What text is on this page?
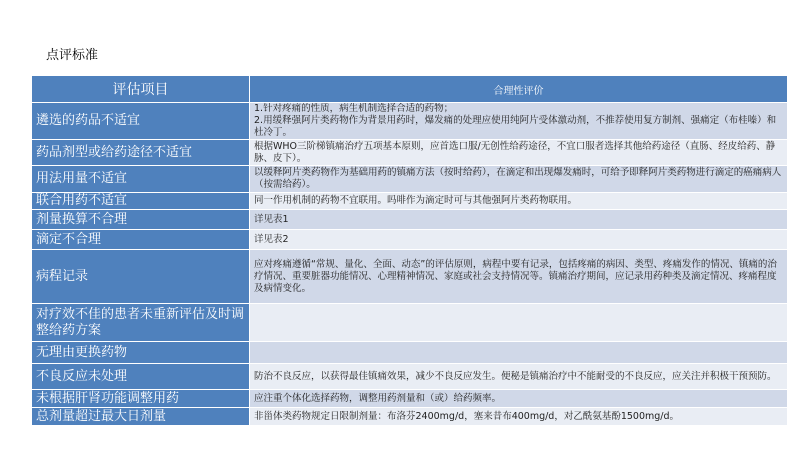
点评标准
评估项目	合理性评价
遴选的药品不适宜	1.针对疼痛的性质，病生机制选择合适的药物；
2.用缓释强阿片类药物作为背景用药时，爆发痛的处理应使用纯阿片受体激动剂，不推荐使用复方制剂、强痛定（布桂嗪）和杜冷丁。

药品剂型或给药途径不适宜	根据WHO三阶梯镇痛治疗五项基本原则，应首选口服/无创性给药途径，不宜口服者选择其他给药途径（直肠、经皮给药、静脉、皮下）。

用法用量不适宜	以缓释阿片类药物作为基础用药的镇痛方法（按时给药），在滴定和出现爆发痛时，可给予即释阿片类药物进行滴定的癌痛病人（按需给药）。

联合用药不适宜	同一作用机制的药物不宜联用。吗啡作为滴定时可与其他强阿片类药物联用。

剂量换算不合理	详见表1

滴定不合理	详见表2

病程记录	应对疼痛遵循“常规、量化、全面、动态”的评估原则，病程中要有记录，包括疼痛的病因、类型、疼痛发作的情况、镇痛的治疗情况、重要脏器功能情况、心理精神情况、家庭或社会支持情况等。镇痛治疗期间，应记录用药种类及滴定情况、疼痛程度及病情变化。

对疗效不佳的患者未重新评估及时调整给药方案	
无理由更换药物	
不良反应未处理	防治不良反应，以获得最佳镇痛效果，减少不良反应发生。便秘是镇痛治疗中不能耐受的不良反应，应关注并积极干预预防。

未根据肝肾功能调整用药	应注重个体化选择药物，调整用药剂量和（或）给药频率。

总剂量超过最大日剂量	非甾体类药物规定日限制剂量：布洛芬2400mg/d，塞来昔布400mg/d，对乙酰氨基酚1500mg/d。
